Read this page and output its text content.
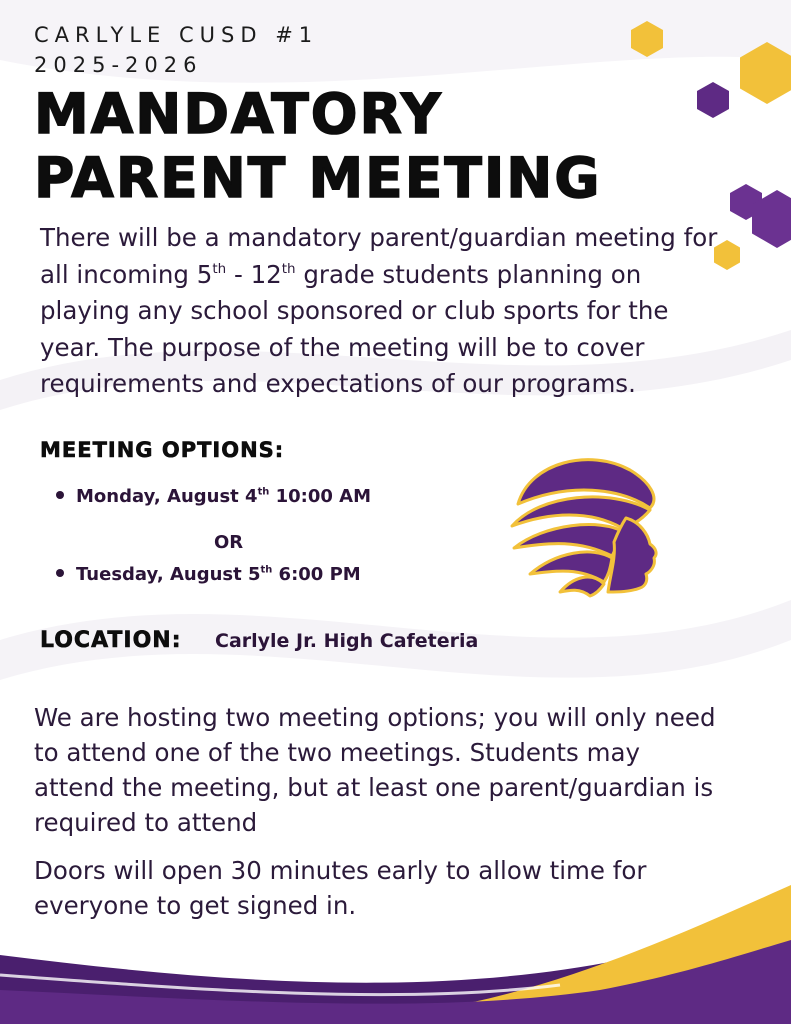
CARLYLE CUSD #1
2025-2026
MANDATORY
PARENT MEETING
There will be a mandatory parent/guardian meeting for all incoming 5th - 12th grade students planning on playing any school sponsored or club sports for the year. The purpose of the meeting will be to cover requirements and expectations of our programs.
MEETING OPTIONS:
Monday, August 4th 10:00 AM
OR
Tuesday, August 5th 6:00 PM
LOCATION: Carlyle Jr. High Cafeteria
We are hosting two meeting options; you will only need to attend one of the two meetings. Students may attend the meeting, but at least one parent/guardian is required to attend
Doors will open 30 minutes early to allow time for everyone to get signed in.
